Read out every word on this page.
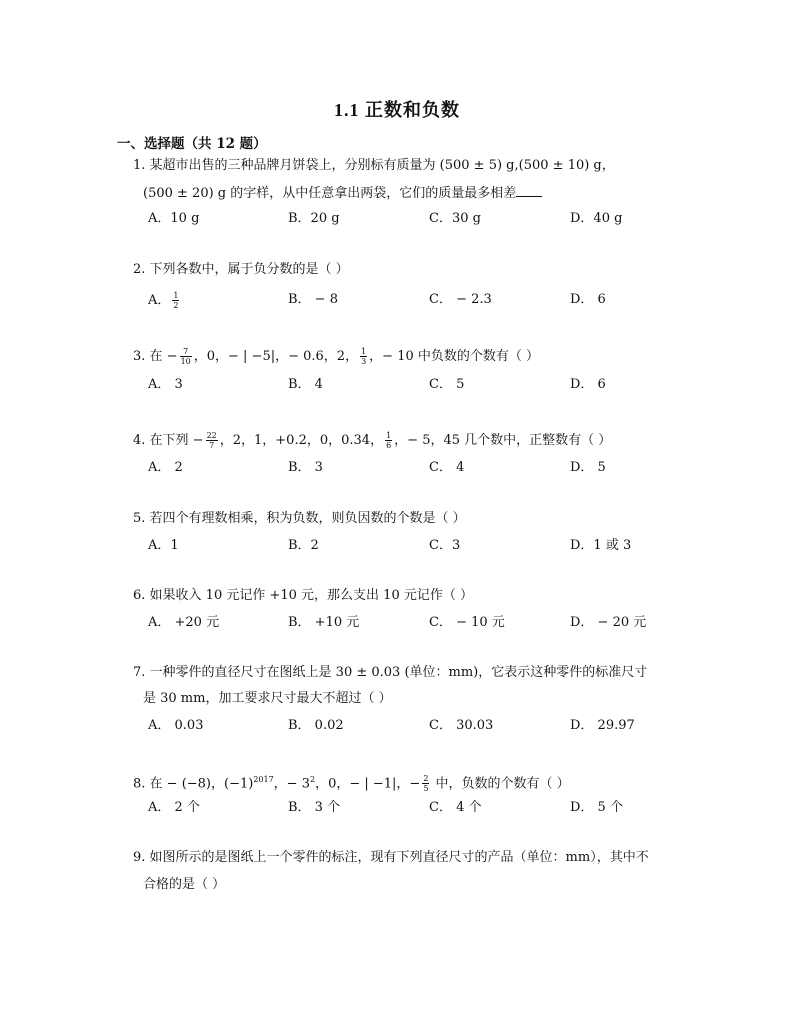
1.1 正数和负数
一、选择题（共 12 题）
1. 某超市出售的三种品牌月饼袋上，分别标有质量为 (500 ± 5) g,(500 ± 10) g，
(500 ± 20) g 的字样，从中任意拿出两袋，它们的质量最多相差
A．10 g	B．20 g	C．30 g	D．40 g
2. 下列各数中，属于负分数的是（ ）
A． $\frac{1}{2}$	B． − 8	C． − 2.3	D． 6
3. 在 − $\frac{7}{10}$ ，0，− | −5|，− 0.6，2， $\frac{1}{3}$ ，− 10 中负数的个数有（ ）
A． 3	B． 4	C． 5	D． 6
4. 在下列 − $\frac{22}{7}$ ，2，1，+0.2，0，0.34， $\frac{1}{6}$ ，− 5，45 几个数中，正整数有（ ）
A． 2	B． 3	C． 4	D． 5
5. 若四个有理数相乘，积为负数，则负因数的个数是（ ）
A．1	B．2	C．3	D．1 或 3
6. 如果收入 10 元记作 +10 元，那么支出 10 元记作（ ）
A． +20 元	B． +10 元	C． − 10 元	D． − 20 元
7. 一种零件的直径尺寸在图纸上是 30 ± 0.03 (单位：mm)，它表示这种零件的标准尺寸
是 30 mm，加工要求尺寸最大不超过（ ）
A． 0.03	B． 0.02	C． 30.03	D． 29.97
8. 在 − (−8)，$(-1)^{2017}$，− $3^2$，0，− | −1|，− $\frac{2}{5}$ 中，负数的个数有（ ）
A． 2 个	B． 3 个	C． 4 个	D． 5 个
9. 如图所示的是图纸上一个零件的标注，现有下列直径尺寸的产品（单位：mm），其中不
合格的是（ ）
